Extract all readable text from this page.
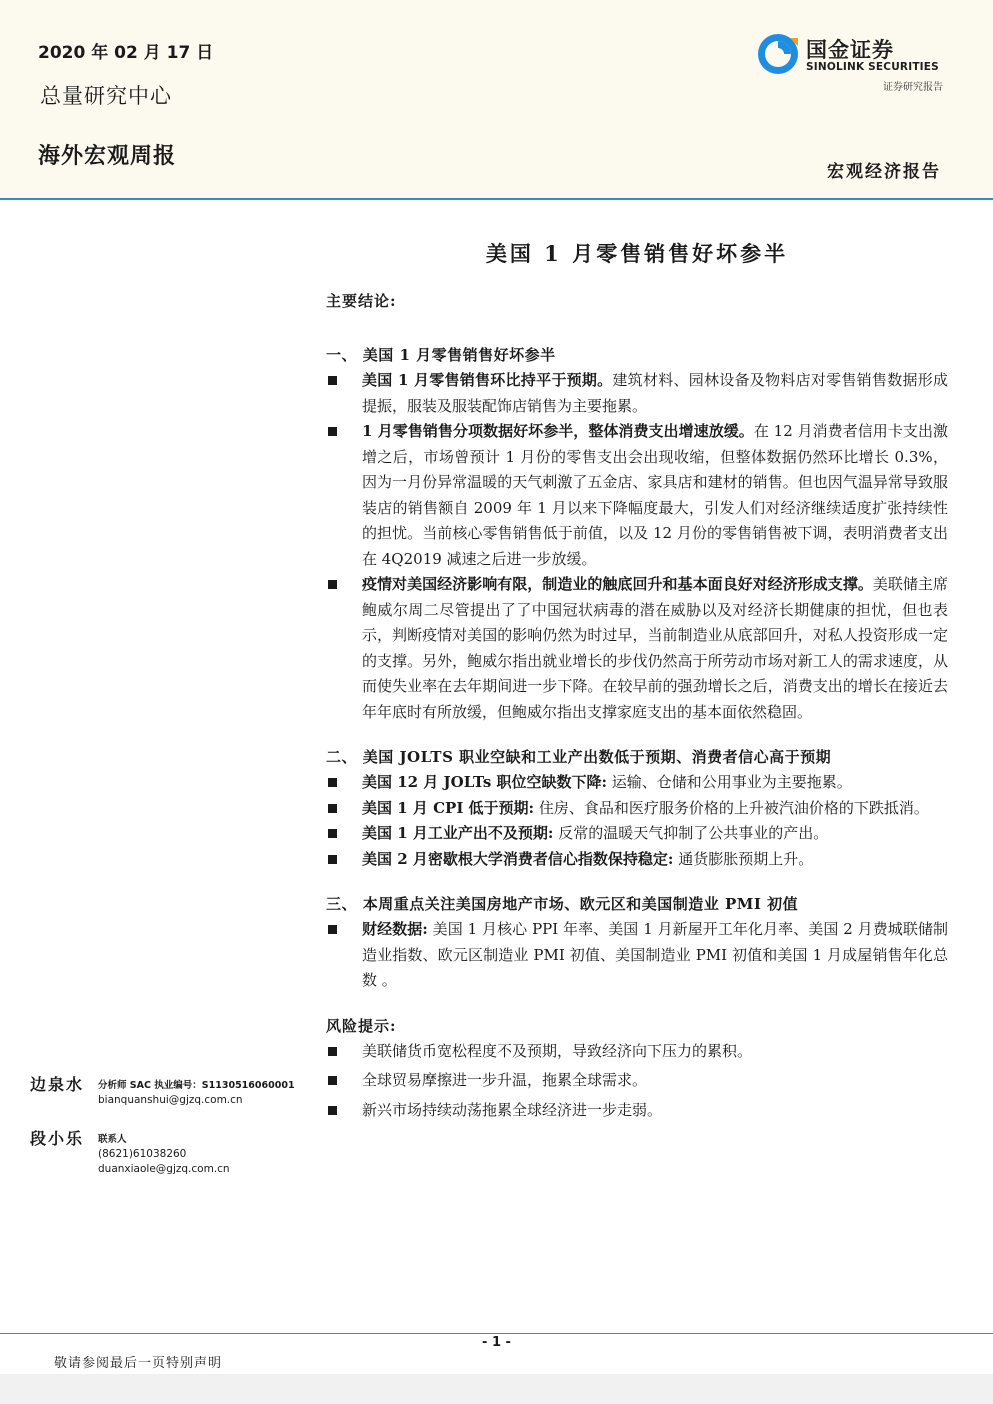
2020 年 02 月 17 日
总量研究中心
海外宏观周报
国金证券
SINOLINK SECURITIES
证券研究报告
宏观经济报告
美国 1 月零售销售好坏参半
主要结论:
一、 美国 1 月零售销售好坏参半
美国 1 月零售销售环比持平于预期。建筑材料、园林设备及物料店对零售销售数据形成提振，服装及服装配饰店销售为主要拖累。
1 月零售销售分项数据好坏参半，整体消费支出增速放缓。在 12 月消费者信用卡支出激增之后，市场曾预计 1 月份的零售支出会出现收缩，但整体数据仍然环比增长 0.3%，因为一月份异常温暖的天气刺激了五金店、家具店和建材的销售。但也因气温异常导致服装店的销售额自 2009 年 1 月以来下降幅度最大，引发人们对经济继续适度扩张持续性的担忧。当前核心零售销售低于前值，以及 12 月份的零售销售被下调，表明消费者支出在 4Q2019 减速之后进一步放缓。
疫情对美国经济影响有限，制造业的触底回升和基本面良好对经济形成支撑。美联储主席鲍威尔周二尽管提出了了中国冠状病毒的潜在威胁以及对经济长期健康的担忧，但也表示，判断疫情对美国的影响仍然为时过早，当前制造业从底部回升，对私人投资形成一定的支撑。另外，鲍威尔指出就业增长的步伐仍然高于所劳动市场对新工人的需求速度，从而使失业率在去年期间进一步下降。在较早前的强劲增长之后，消费支出的增长在接近去年年底时有所放缓，但鲍威尔指出支撑家庭支出的基本面依然稳固。
二、 美国 JOLTS 职业空缺和工业产出数低于预期、消费者信心高于预期
美国 12 月 JOLTs 职位空缺数下降: 运输、仓储和公用事业为主要拖累。
美国 1 月 CPI 低于预期: 住房、食品和医疗服务价格的上升被汽油价格的下跌抵消。
美国 1 月工业产出不及预期: 反常的温暖天气抑制了公共事业的产出。
美国 2 月密歇根大学消费者信心指数保持稳定: 通货膨胀预期上升。
三、 本周重点关注美国房地产市场、欧元区和美国制造业 PMI 初值
财经数据: 美国 1 月核心 PPI 年率、美国 1 月新屋开工年化月率、美国 2 月费城联储制造业指数、欧元区制造业 PMI 初值、美国制造业 PMI 初值和美国 1 月成屋销售年化总数 。
风险提示:
美联储货币宽松程度不及预期，导致经济向下压力的累积。
全球贸易摩擦进一步升温，拖累全球需求。
新兴市场持续动荡拖累全球经济进一步走弱。
边泉水 分析师 SAC 执业编号：S1130516060001
bianquanshui@gjzq.com.cn
段小乐 联系人
(8621)61038260
duanxiaole@gjzq.com.cn
- 1 -
敬请参阅最后一页特别声明
